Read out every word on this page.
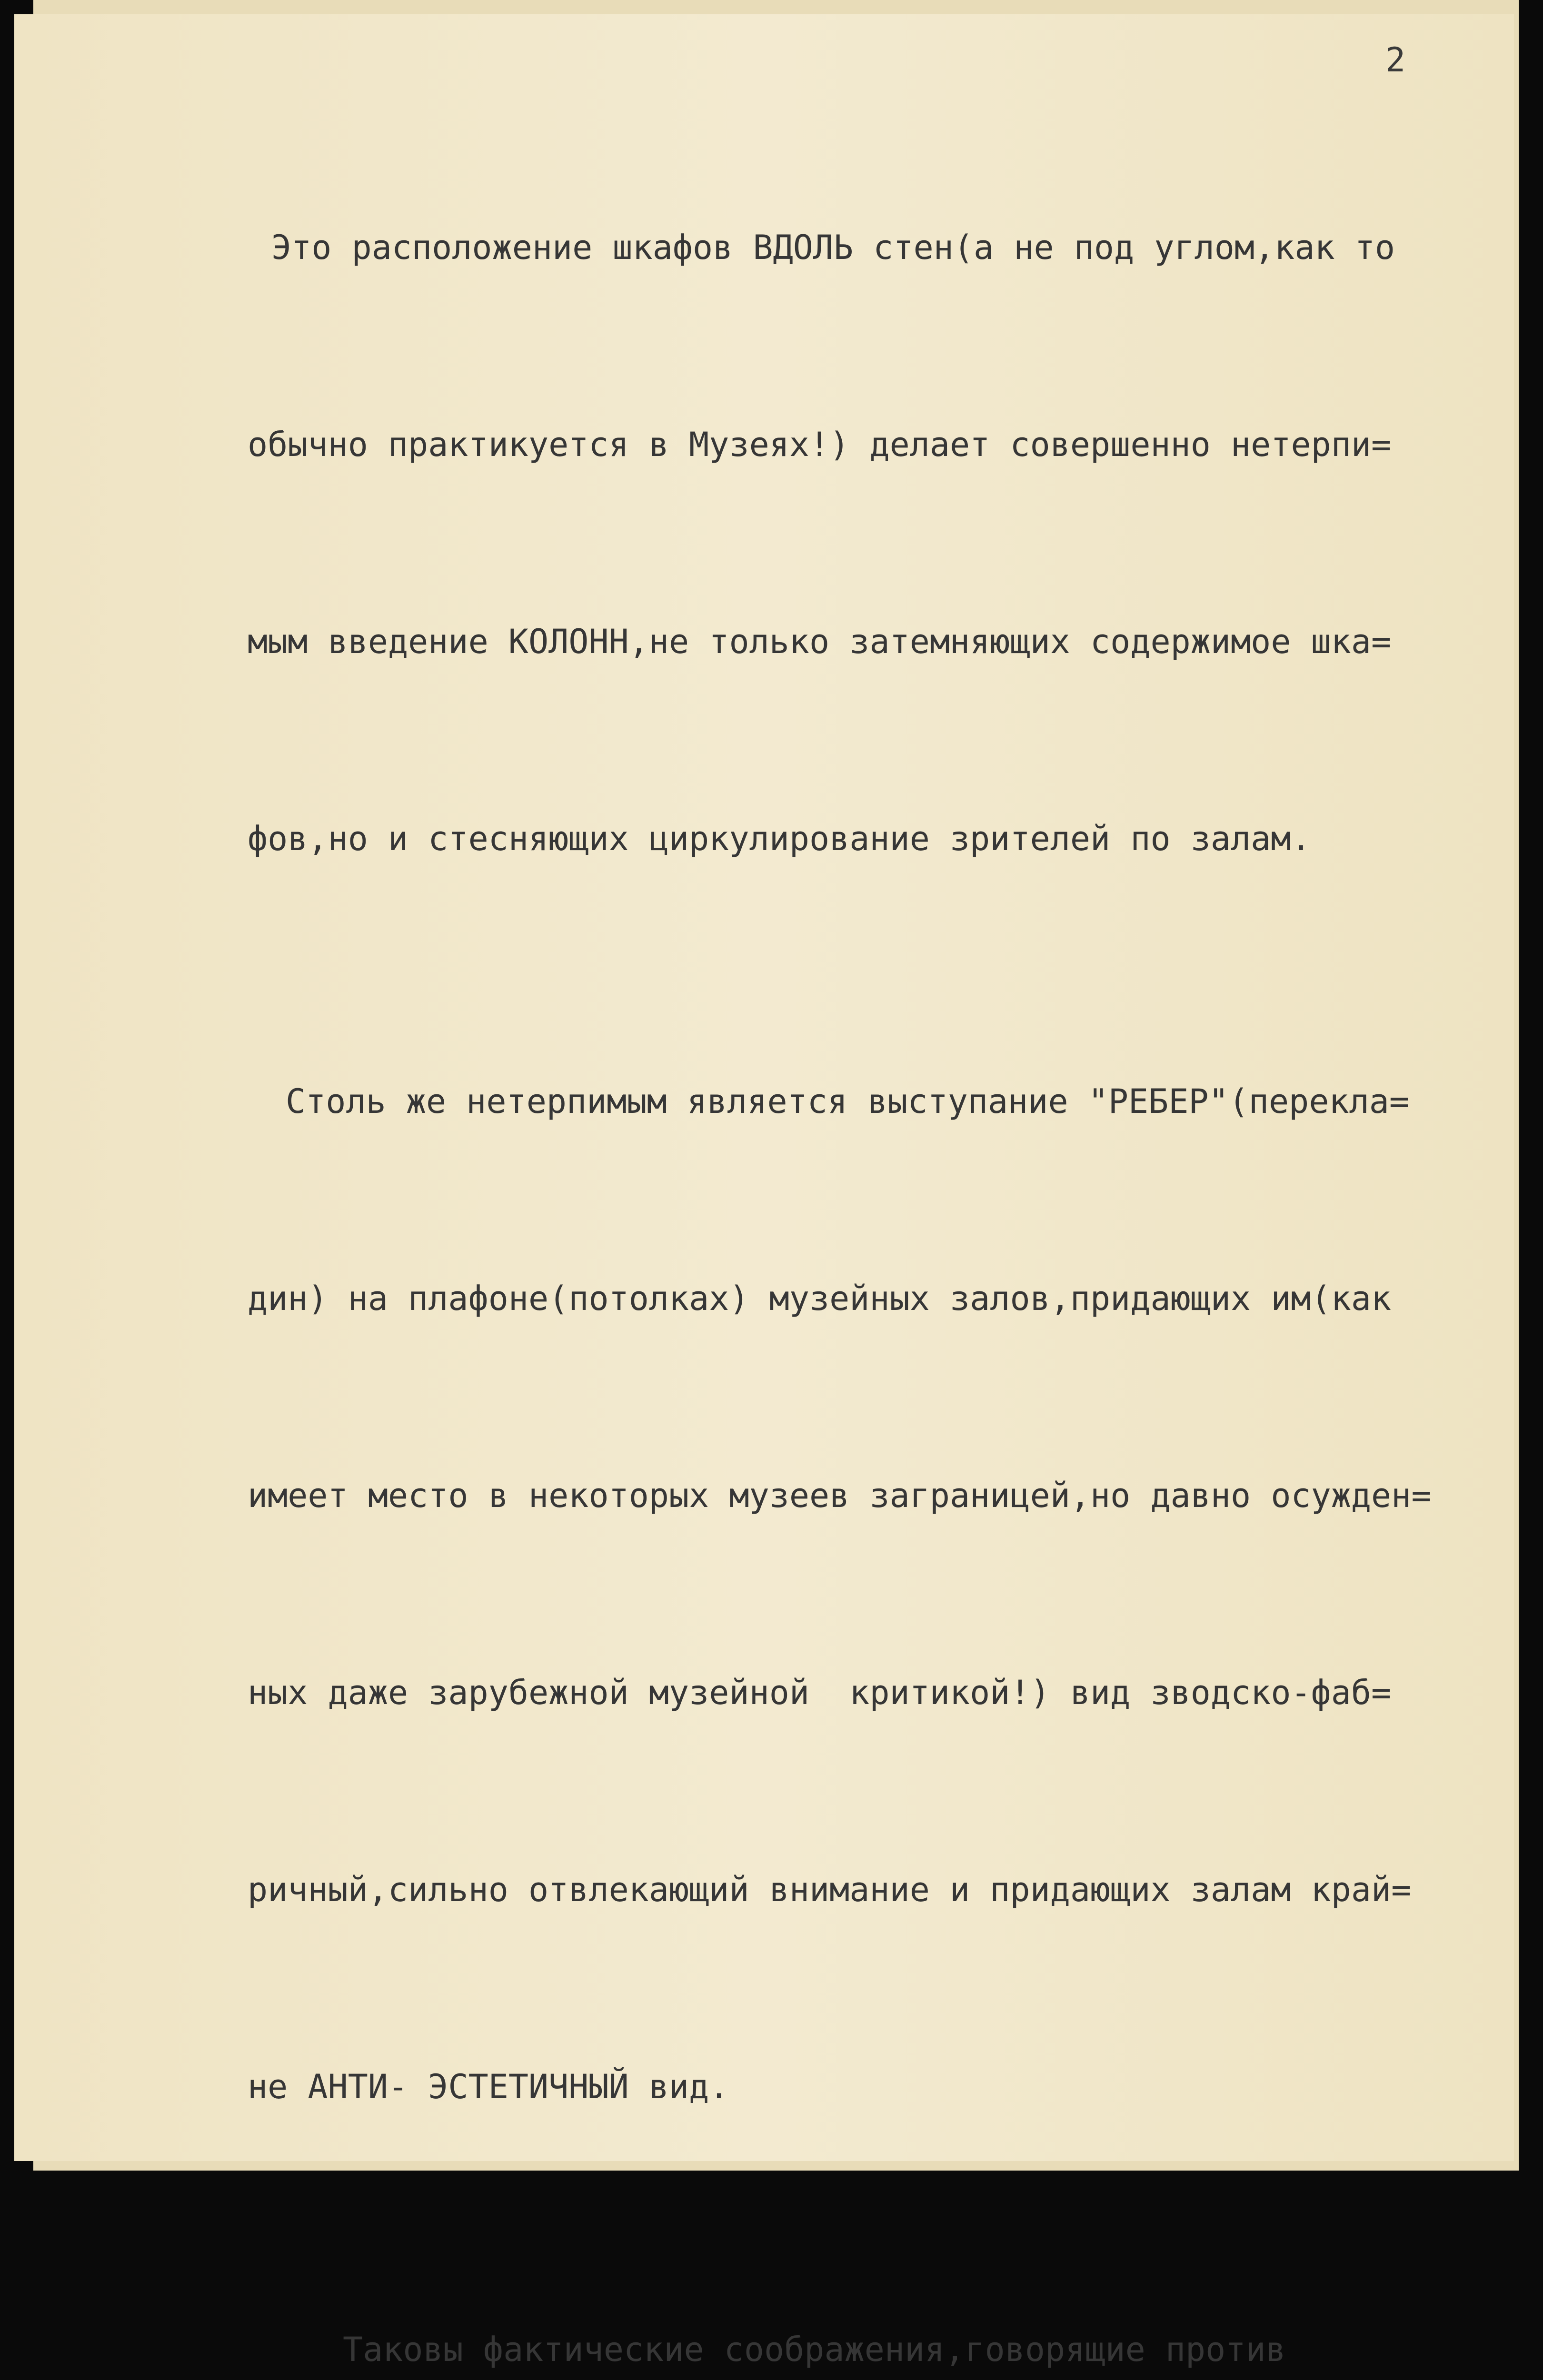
2

Это расположение шкафов ВДОЛЬ стен(а не под углом,как то

обычно практикуется в Музеях!) делает совершенно нетерпи=

мым введение КОЛОНН,не только затемняющих содержимое шка=

фов,но и стесняющих циркулирование зрителей по залам.

Столь же нетерпимым является выступание "РЕБЕР"(перекла=

дин) на плафоне(потолках) музейных залов,придающих им(как

имеет место в некоторых музеев заграницей,но давно осужден=

ных даже зарубежной музейной  критикой!) вид зводско-фаб=

ричный,сильно отвлекающий внимание и придающих залам край=

не АНТИ- ЭСТЕТИЧНЫЙ вид.

Таковы фактические соображения,говорящие против
